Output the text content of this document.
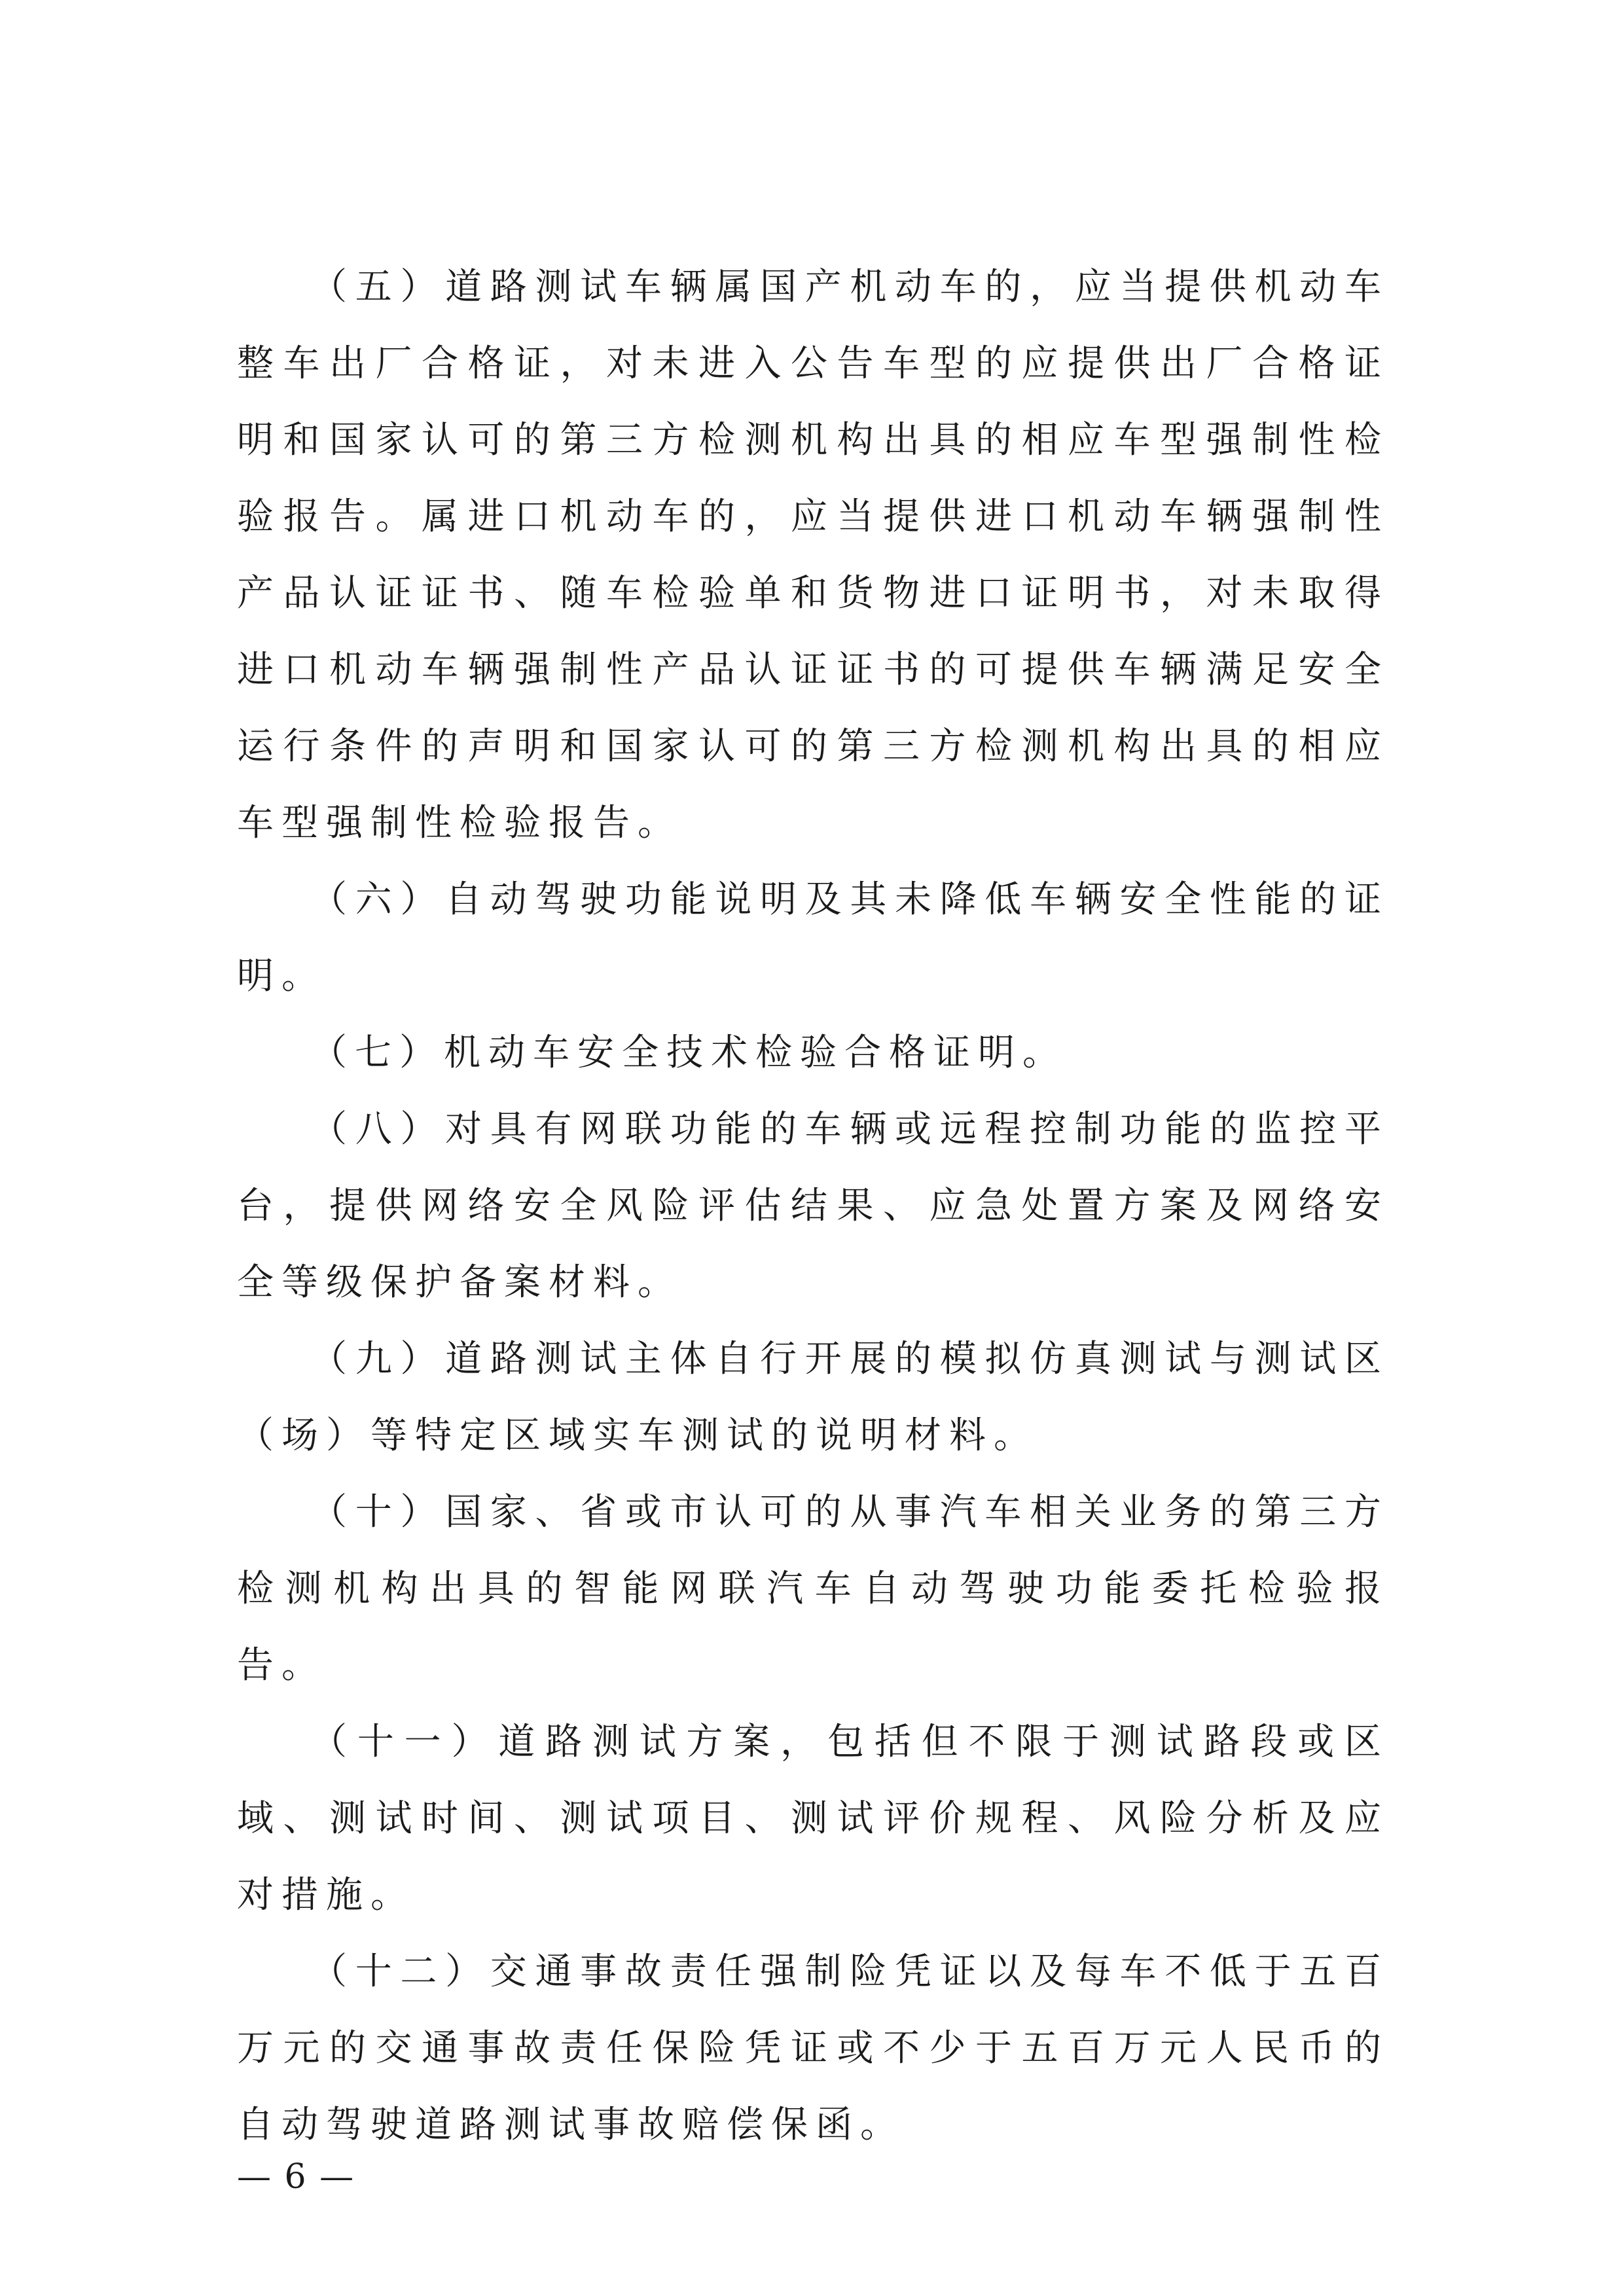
（五）道路测试车辆属国产机动车的，应当提供机动车整车出厂合格证，对未进入公告车型的应提供出厂合格证明和国家认可的第三方检测机构出具的相应车型强制性检验报告。属进口机动车的，应当提供进口机动车辆强制性产品认证证书、随车检验单和货物进口证明书，对未取得进口机动车辆强制性产品认证证书的可提供车辆满足安全运行条件的声明和国家认可的第三方检测机构出具的相应车型强制性检验报告。

（六）自动驾驶功能说明及其未降低车辆安全性能的证明。

（七）机动车安全技术检验合格证明。

（八）对具有网联功能的车辆或远程控制功能的监控平台，提供网络安全风险评估结果、应急处置方案及网络安全等级保护备案材料。

（九）道路测试主体自行开展的模拟仿真测试与测试区（场）等特定区域实车测试的说明材料。

（十）国家、省或市认可的从事汽车相关业务的第三方检测机构出具的智能网联汽车自动驾驶功能委托检验报告。

（十一）道路测试方案，包括但不限于测试路段或区域、测试时间、测试项目、测试评价规程、风险分析及应对措施。

（十二）交通事故责任强制险凭证以及每车不低于五百万元的交通事故责任保险凭证或不少于五百万元人民币的自动驾驶道路测试事故赔偿保函。

— 6 —
